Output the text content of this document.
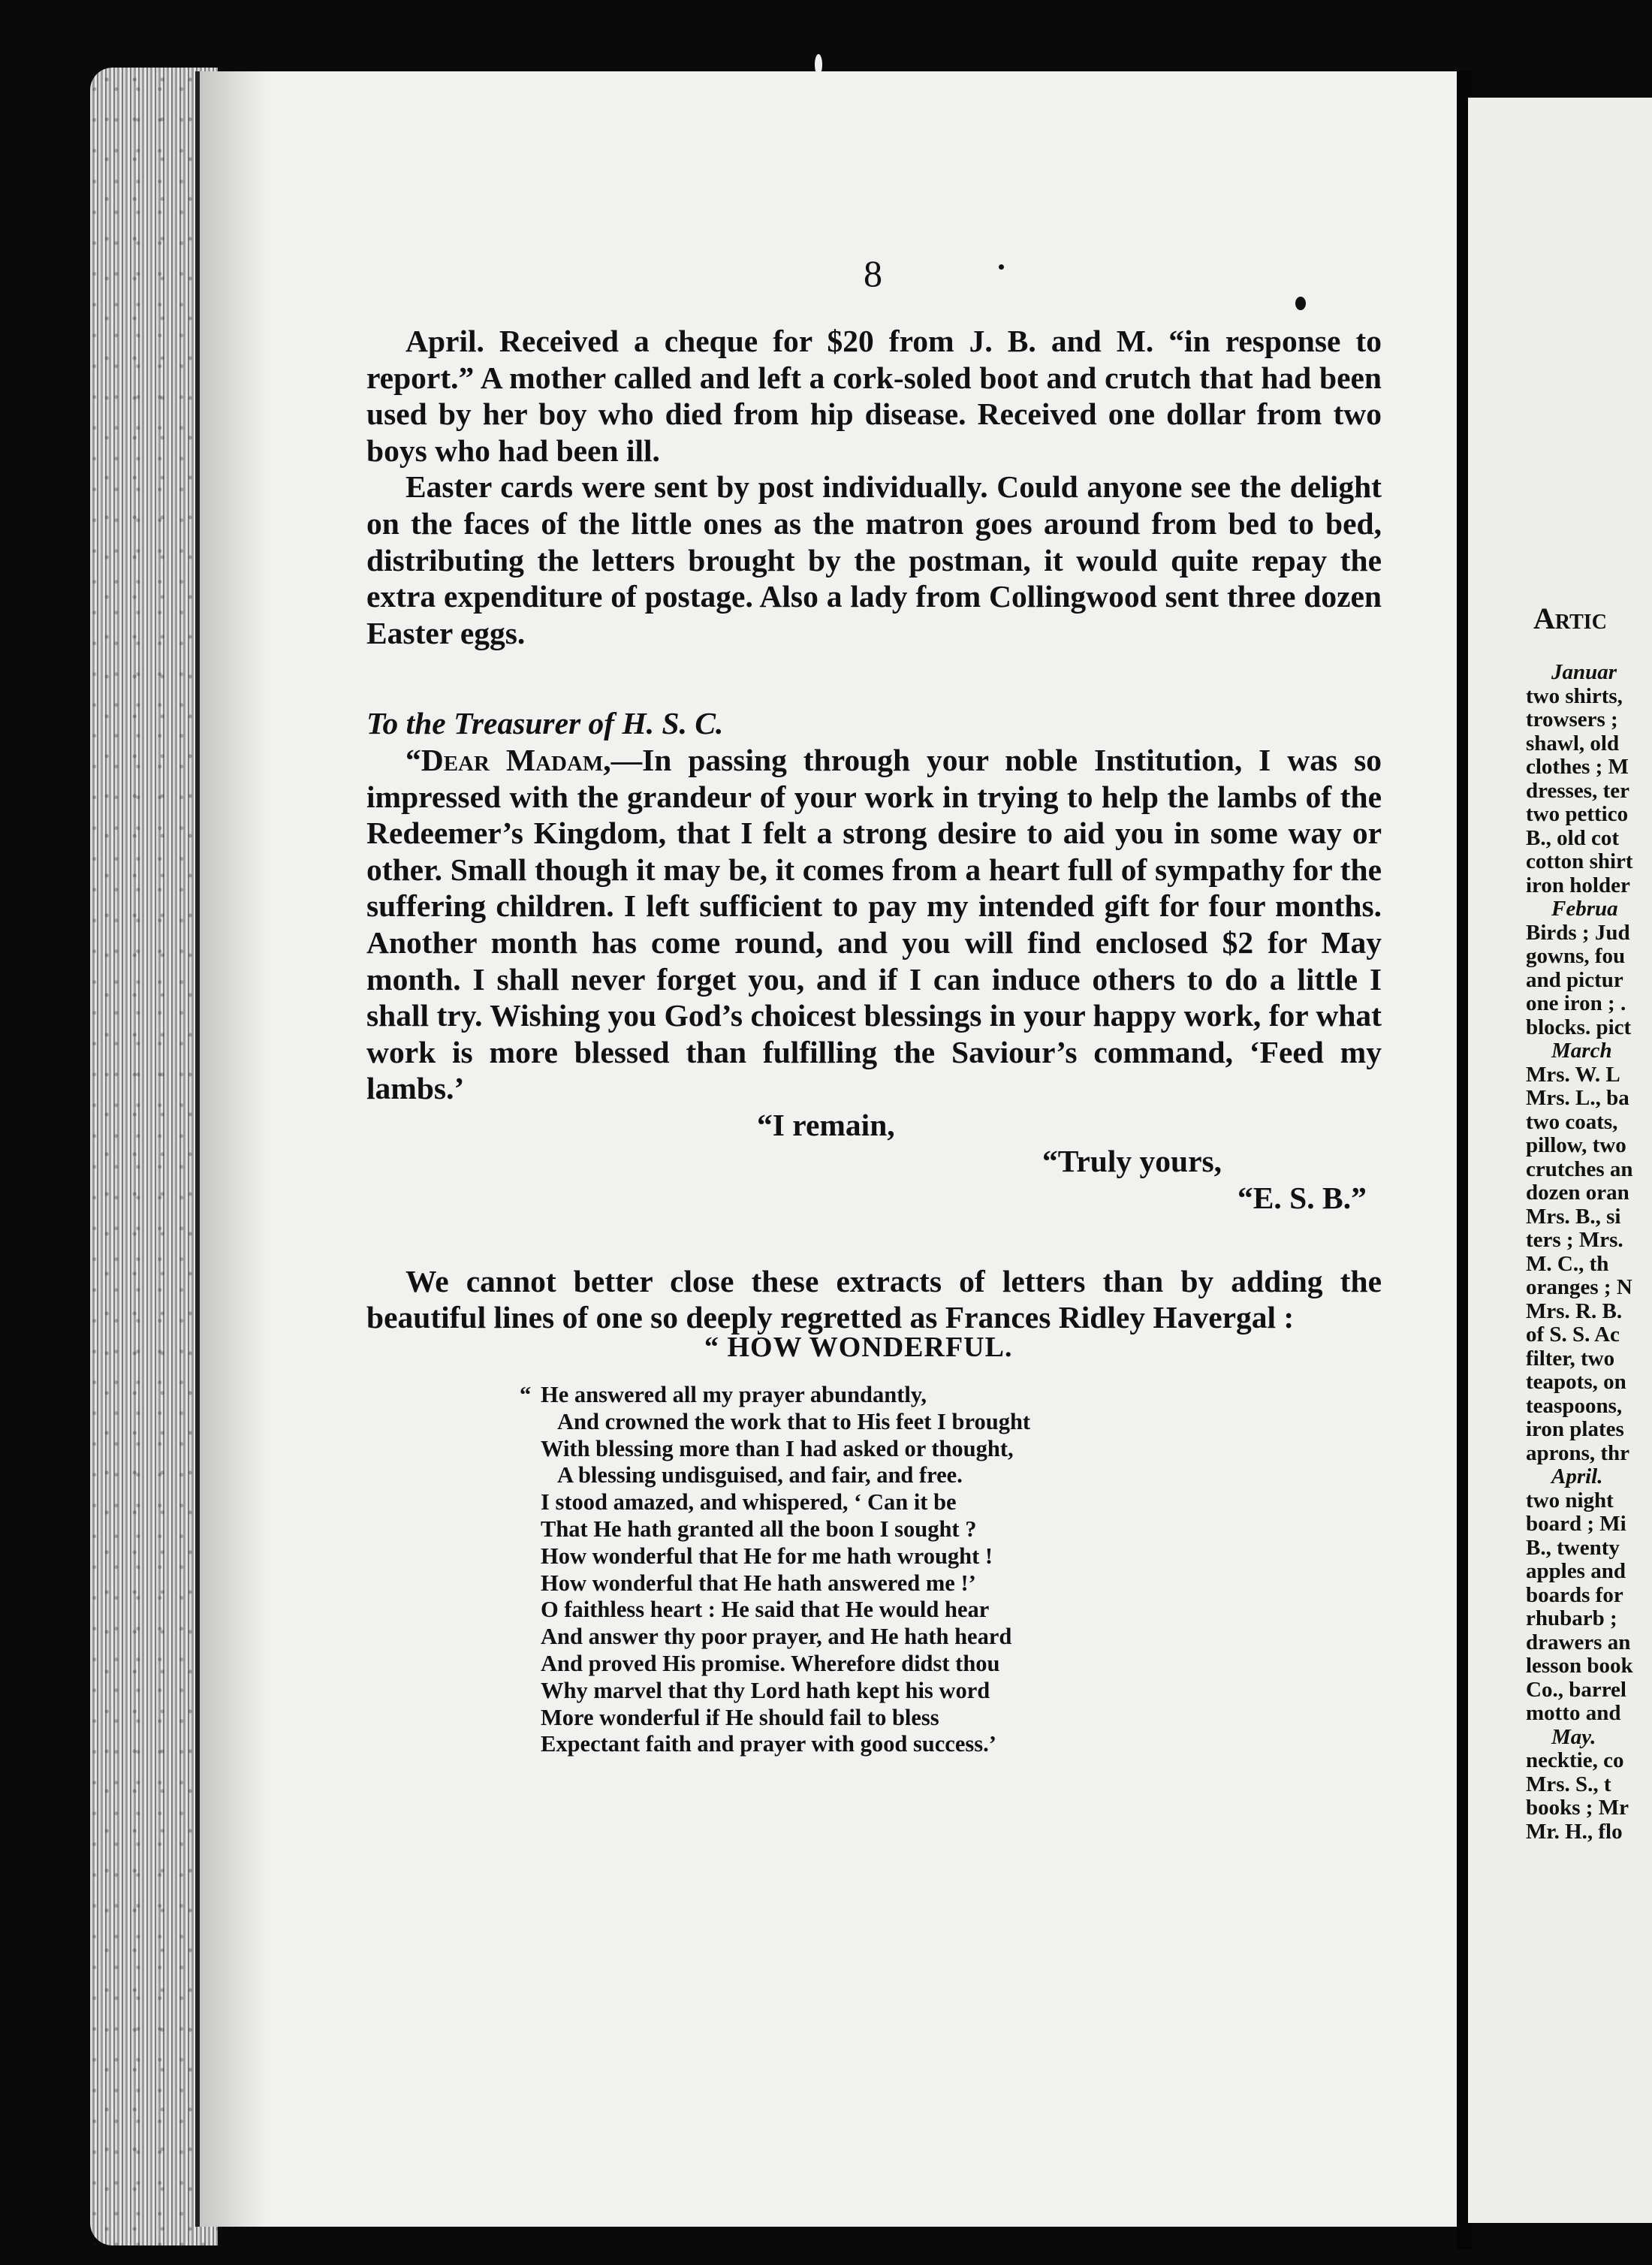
8

April. Received a cheque for $20 from J. B. and M. “in response to report.” A mother called and left a cork-soled boot and crutch that had been used by her boy who died from hip disease. Received one dollar from two boys who had been ill.

Easter cards were sent by post individually. Could anyone see the delight on the faces of the little ones as the matron goes around from bed to bed, distributing the letters brought by the postman, it would quite repay the extra expenditure of postage. Also a lady from Collingwood sent three dozen Easter eggs.

To the Treasurer of H. S. C.

“Dear Madam,—In passing through your noble Institution, I was so impressed with the grandeur of your work in trying to help the lambs of the Redeemer’s Kingdom, that I felt a strong desire to aid you in some way or other. Small though it may be, it comes from a heart full of sympathy for the suffering children. I left sufficient to pay my intended gift for four months. Another month has come round, and you will find enclosed $2 for May month. I shall never forget you, and if I can induce others to do a little I shall try. Wishing you God’s choicest blessings in your happy work, for what work is more blessed than fulfilling the Saviour’s command, ‘Feed my lambs.’

“I remain,

“Truly yours,

“E. S. B.”

We cannot better close these extracts of letters than by adding the beautiful lines of one so deeply regretted as Frances Ridley Havergal :

“ HOW WONDERFUL.
“ He answered all my prayer abundantly,
And crowned the work that to His feet I brought
With blessing more than I had asked or thought,
A blessing undisguised, and fair, and free.
I stood amazed, and whispered, ‘ Can it be
That He hath granted all the boon I sought ?
How wonderful that He for me hath wrought !
How wonderful that He hath answered me !’
O faithless heart : He said that He would hear
And answer thy poor prayer, and He hath heard
And proved His promise. Wherefore didst thou
Why marvel that thy Lord hath kept his word
More wonderful if He should fail to bless
Expectant faith and prayer with good success.’
Artic
Januar
two shirts,
trowsers ;
shawl, old
clothes ; M
dresses, ter
two pettico
B., old cot
cotton shirt
iron holder
Februa
Birds ; Jud
gowns, fou
and pictur
one iron ; .
blocks. pict
March
Mrs. W. L
Mrs. L., ba
two coats,
pillow, two
crutches an
dozen oran
Mrs. B., si
ters ; Mrs.
M. C., th
oranges ; N
Mrs. R. B.
of S. S. Ac
filter, two
teapots, on
teaspoons,
iron plates
aprons, thr
April.
two night
board ; Mi
B., twenty
apples and
boards for
rhubarb ;
drawers an
lesson book
Co., barrel
motto and
May.
necktie, co
Mrs. S., t
books ; Mr
Mr. H., flo
